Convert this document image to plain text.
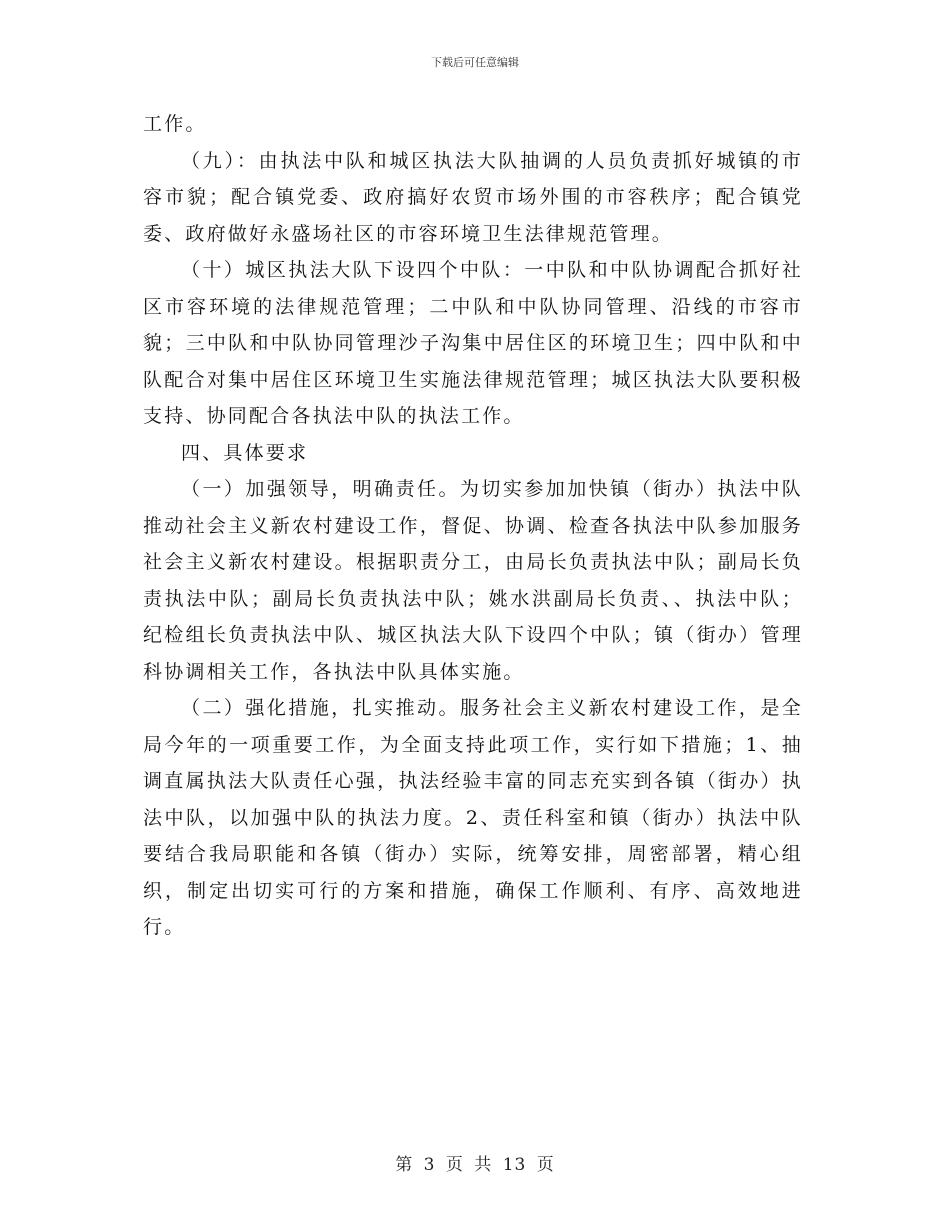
下载后可任意编辑

工作。

（九）：由执法中队和城区执法大队抽调的人员负责抓好城镇的市容市貌；配合镇党委、政府搞好农贸市场外围的市容秩序；配合镇党委、政府做好永盛场社区的市容环境卫生法律规范管理。

（十）城区执法大队下设四个中队：一中队和中队协调配合抓好社区市容环境的法律规范管理；二中队和中队协同管理、沿线的市容市貌；三中队和中队协同管理沙子沟集中居住区的环境卫生；四中队和中队配合对集中居住区环境卫生实施法律规范管理；城区执法大队要积极支持、协同配合各执法中队的执法工作。

四、具体要求

（一）加强领导，明确责任。为切实参加加快镇（街办）执法中队推动社会主义新农村建设工作，督促、协调、检查各执法中队参加服务社会主义新农村建设。根据职责分工，由局长负责执法中队；副局长负责执法中队；副局长负责执法中队；姚水洪副局长负责、、执法中队；纪检组长负责执法中队、城区执法大队下设四个中队；镇（街办）管理科协调相关工作，各执法中队具体实施。

（二）强化措施，扎实推动。服务社会主义新农村建设工作，是全局今年的一项重要工作，为全面支持此项工作，实行如下措施；1、抽调直属执法大队责任心强，执法经验丰富的同志充实到各镇（街办）执法中队，以加强中队的执法力度。2、责任科室和镇（街办）执法中队要结合我局职能和各镇（街办）实际，统筹安排，周密部署，精心组织，制定出切实可行的方案和措施，确保工作顺利、有序、高效地进行。

第 3 页 共 13 页
